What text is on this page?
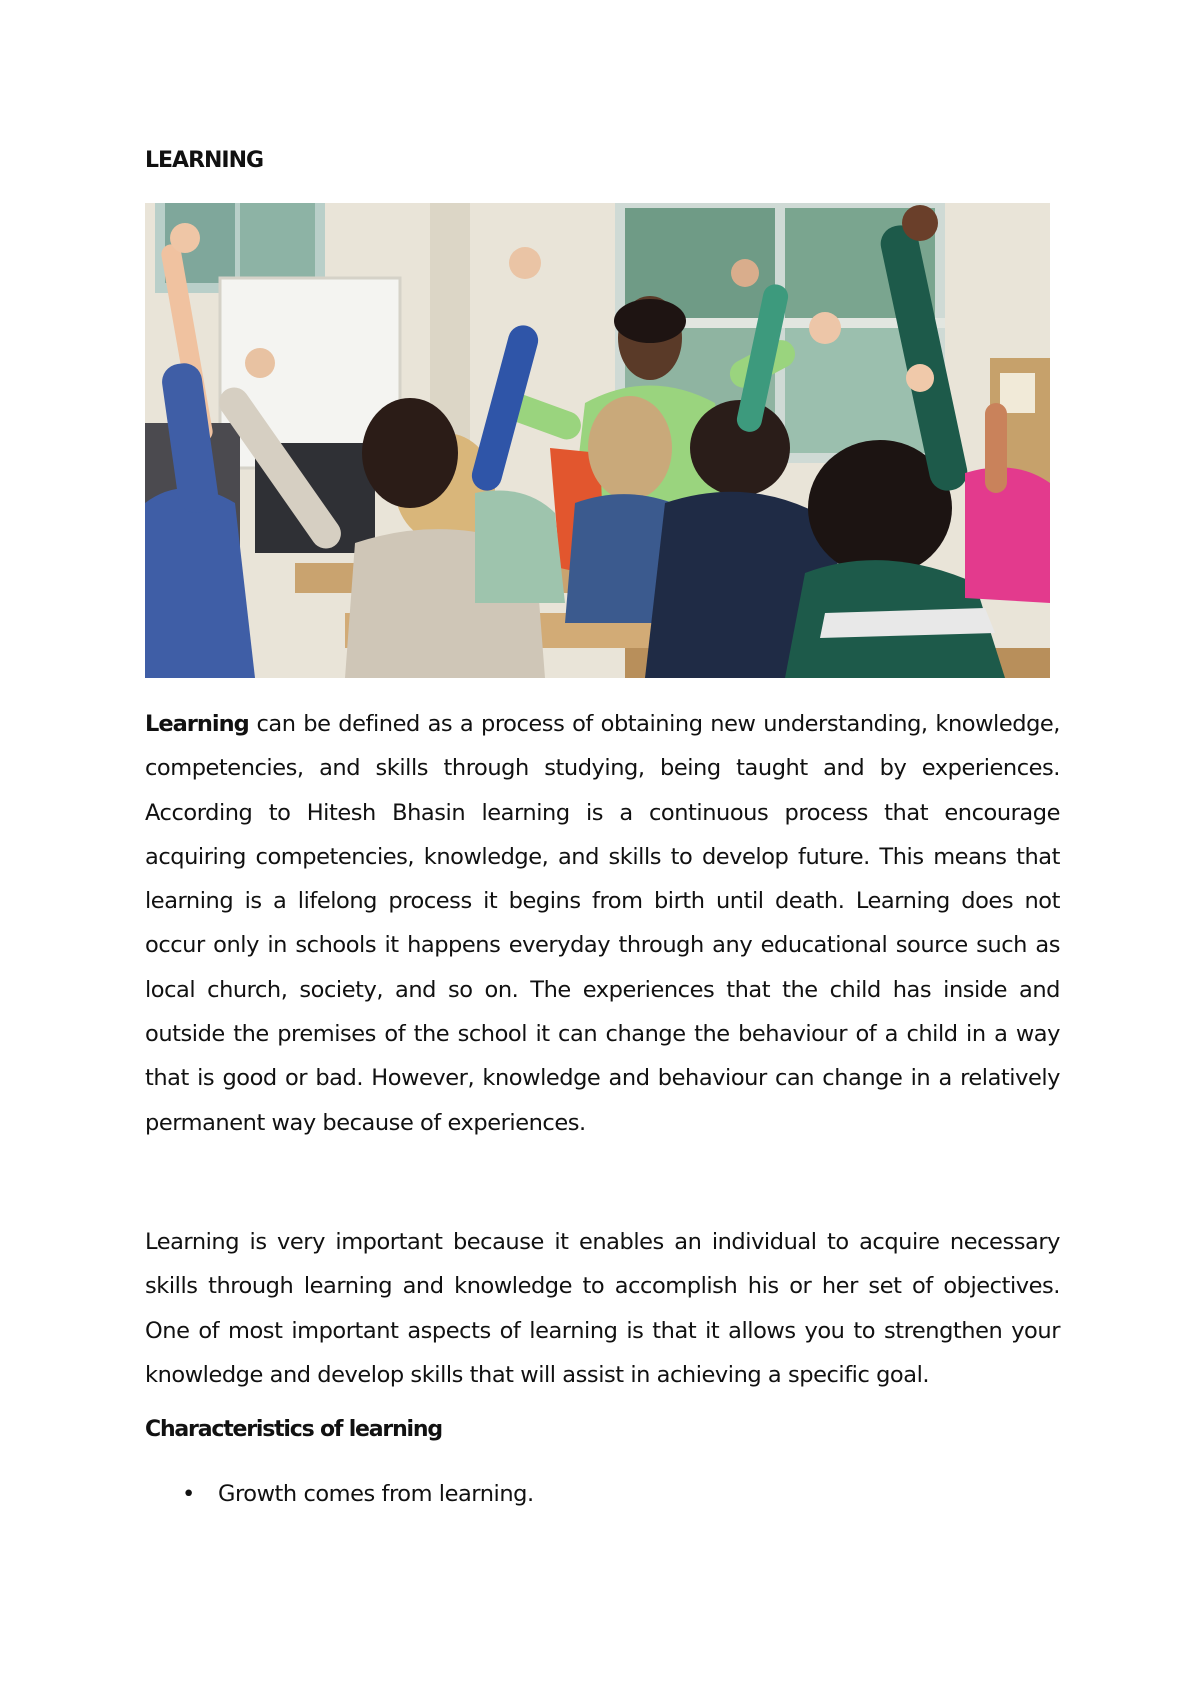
LEARNING

Learning can be defined as a process of obtaining new understanding, knowledge, competencies, and skills through studying, being taught and by experiences. According to Hitesh Bhasin learning is a continuous process that encourage acquiring competencies, knowledge, and skills to develop future. This means that learning is a lifelong process it begins from birth until death. Learning does not occur only in schools it happens everyday through any educational source such as local church, society, and so on. The experiences that the child has inside and outside the premises of the school it can change the behaviour of a child in a way that is good or bad. However, knowledge and behaviour can change in a relatively permanent way because of experiences.

Learning is very important because it enables an individual to acquire necessary skills through learning and knowledge to accomplish his or her set of objectives. One of most important aspects of learning is that it allows you to strengthen your knowledge and develop skills that will assist in achieving a specific goal.

Characteristics of learning
• Growth comes from learning.
